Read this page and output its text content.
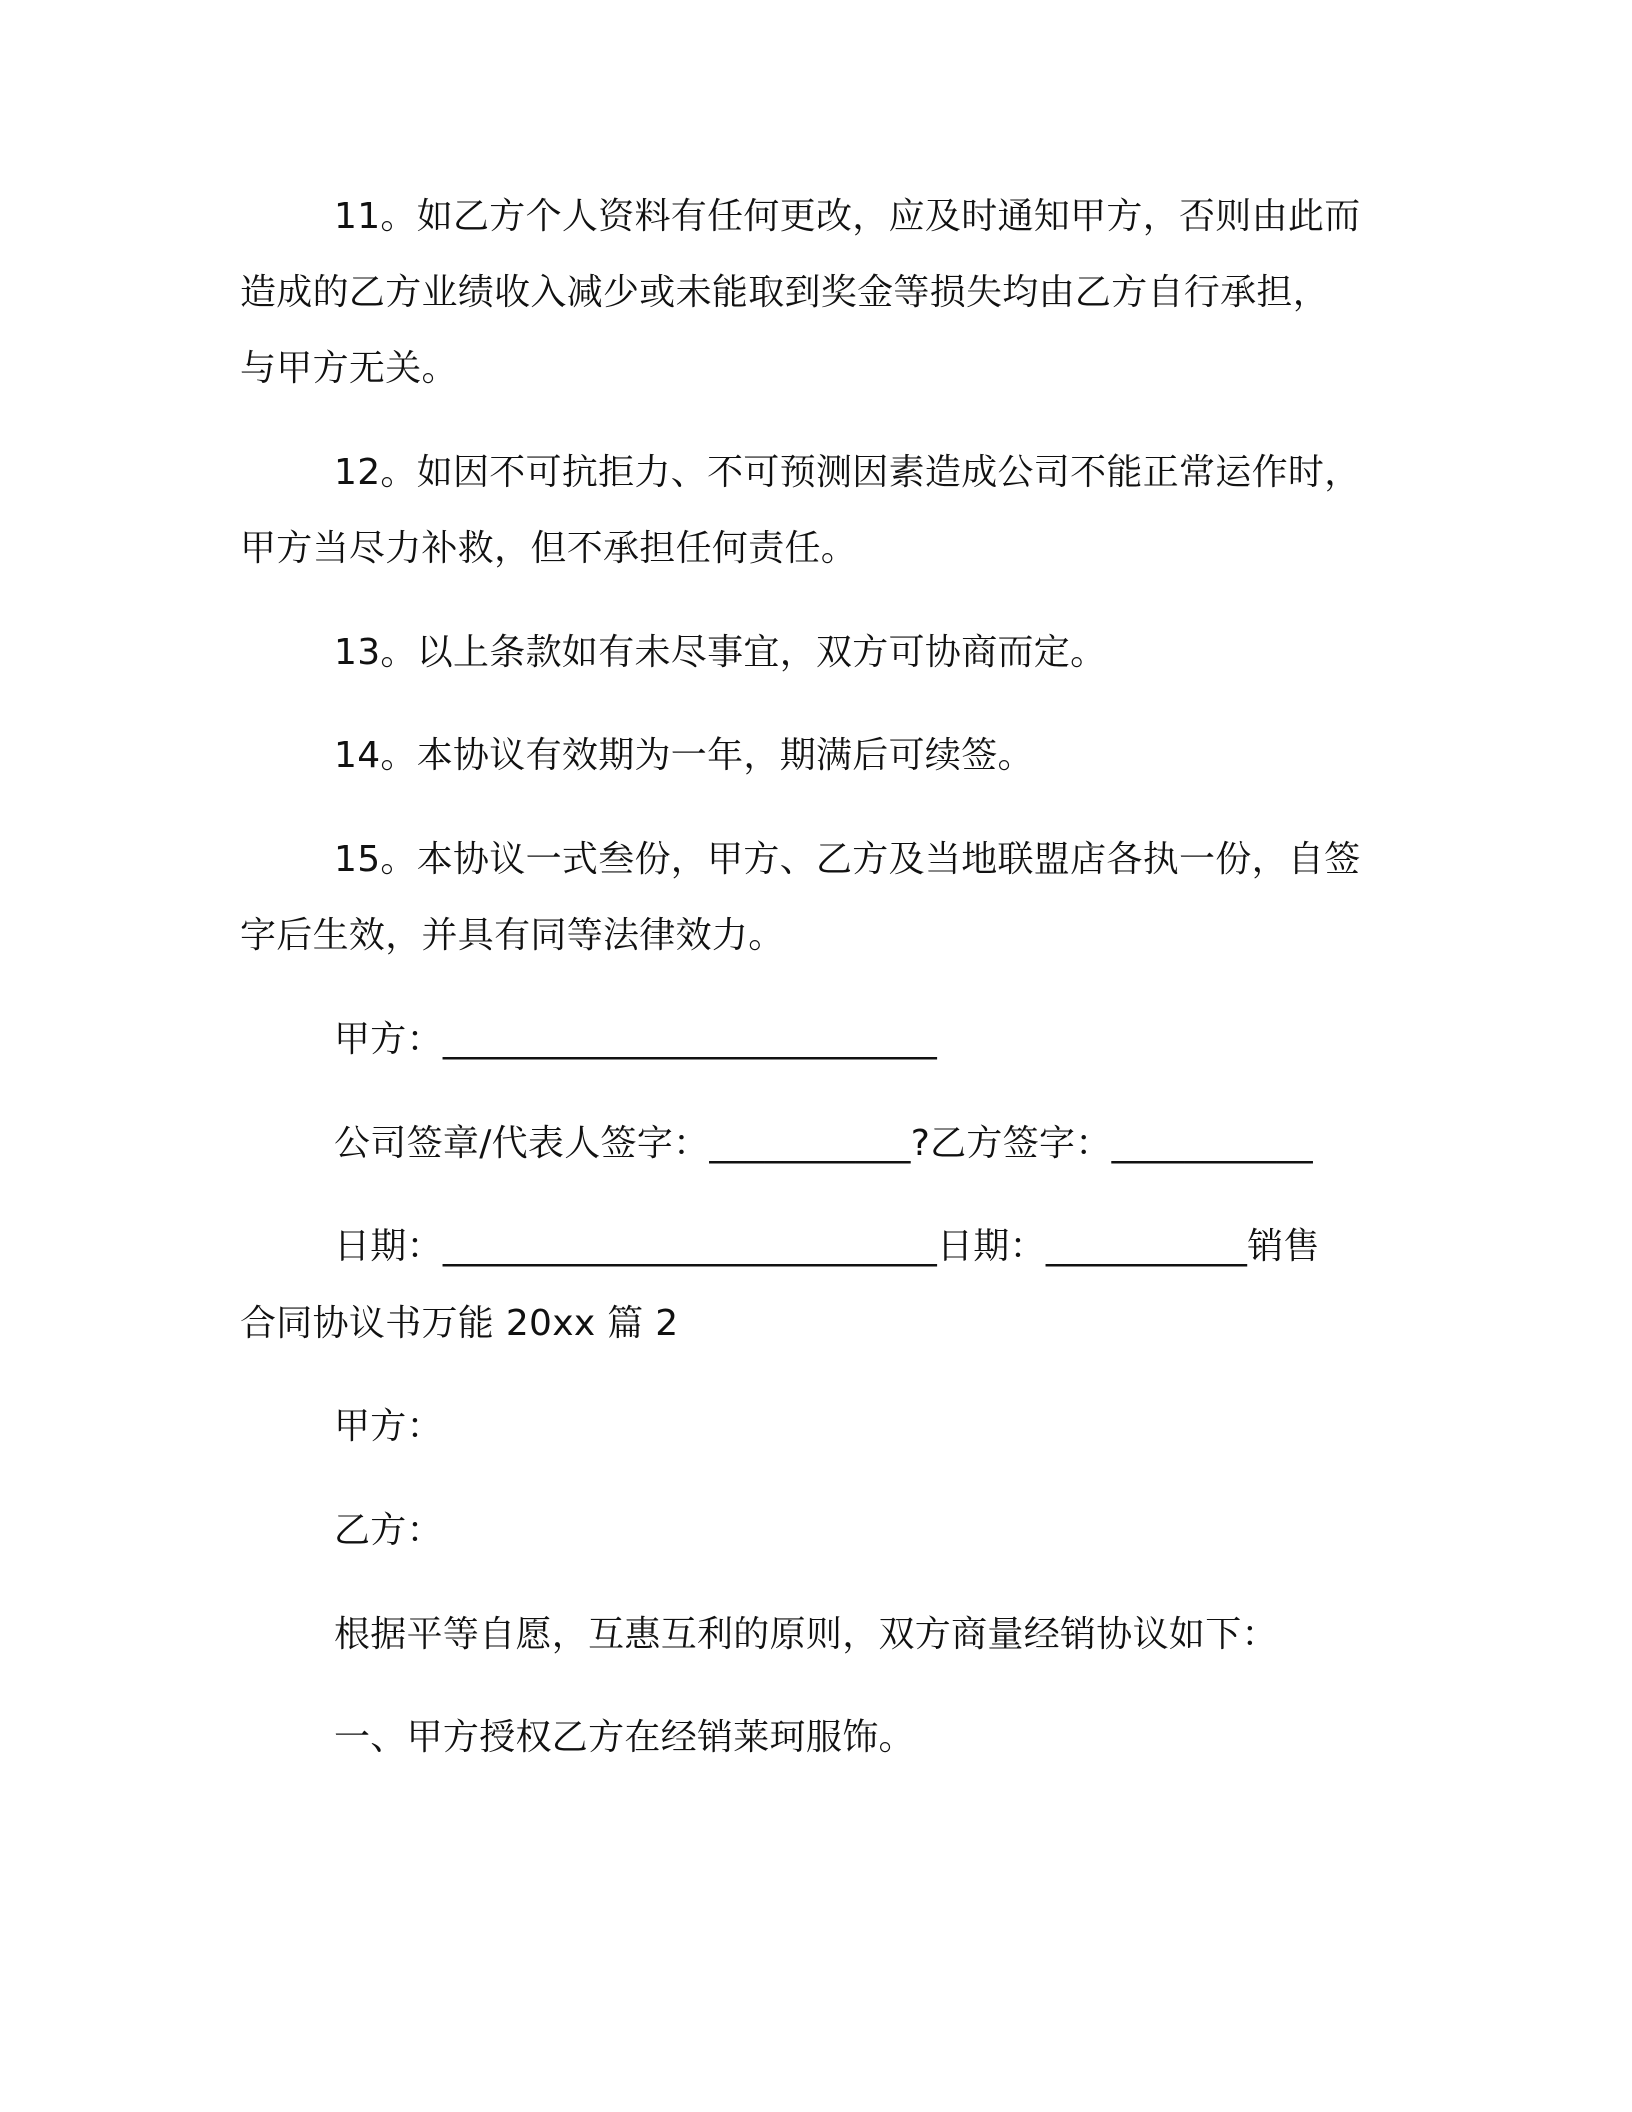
11。如乙方个人资料有任何更改，应及时通知甲方，否则由此而
造成的乙方业绩收入减少或未能取到奖金等损失均由乙方自行承担，
与甲方无关。
12。如因不可抗拒力、不可预测因素造成公司不能正常运作时，
甲方当尽力补救，但不承担任何责任。
13。以上条款如有未尽事宜，双方可协商而定。
14。本协议有效期为一年，期满后可续签。
15。本协议一式叁份，甲方、乙方及当地联盟店各执一份，自签
字后生效，并具有同等法律效力。
甲方：___________________________
公司签章/代表人签字：___________?乙方签字：___________
日期：___________________________日期：___________销售
合同协议书万能 20xx 篇 2
甲方：
乙方：
根据平等自愿，互惠互利的原则，双方商量经销协议如下：
一、甲方授权乙方在经销莱珂服饰。
